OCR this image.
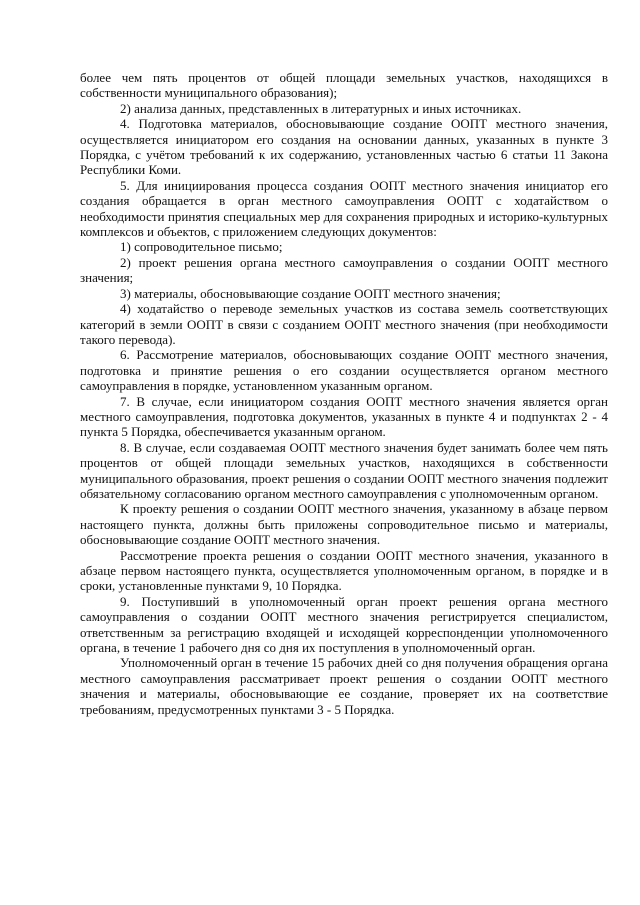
более чем пять процентов от общей площади земельных участков, находящихся в собственности муниципального образования);

2) анализа данных, представленных в литературных и иных источниках.

4. Подготовка материалов, обосновывающие создание ООПТ местного значения, осуществляется инициатором его создания на основании данных, указанных в пункте 3 Порядка, с учётом требований к их содержанию, установленных частью 6 статьи 11 Закона Республики Коми.

5. Для инициирования процесса создания ООПТ местного значения инициатор его создания обращается в орган местного самоуправления ООПТ с ходатайством о необходимости принятия специальных мер для сохранения природных и историко-культурных комплексов и объектов, с приложением следующих документов:

1) сопроводительное письмо;

2) проект решения органа местного самоуправления о создании ООПТ местного значения;

3) материалы, обосновывающие создание ООПТ местного значения;

4) ходатайство о переводе земельных участков из состава земель соответствующих категорий в земли ООПТ в связи с созданием ООПТ местного значения (при необходимости такого перевода).

6. Рассмотрение материалов, обосновывающих создание ООПТ местного значения, подготовка и принятие решения о его создании осуществляется органом местного самоуправления в порядке, установленном указанным органом.

7. В случае, если инициатором создания ООПТ местного значения является орган местного самоуправления, подготовка документов, указанных в пункте 4 и подпунктах 2 - 4 пункта 5 Порядка, обеспечивается указанным органом.

8. В случае, если создаваемая ООПТ местного значения будет занимать более чем пять процентов от общей площади земельных участков, находящихся в собственности муниципального образования, проект решения о создании ООПТ местного значения подлежит обязательному согласованию органом местного самоуправления с уполномоченным органом.

К проекту решения о создании ООПТ местного значения, указанному в абзаце первом настоящего пункта, должны быть приложены сопроводительное письмо и материалы, обосновывающие создание ООПТ местного значения.

Рассмотрение проекта решения о создании ООПТ местного значения, указанного в абзаце первом настоящего пункта, осуществляется уполномоченным органом, в порядке и в сроки, установленные пунктами 9, 10 Порядка.

9. Поступивший в уполномоченный орган проект решения органа местного самоуправления о создании ООПТ местного значения регистрируется специалистом, ответственным за регистрацию входящей и исходящей корреспонденции уполномоченного органа, в течение 1 рабочего дня со дня их поступления в уполномоченный орган.

Уполномоченный орган в течение 15 рабочих дней со дня получения обращения органа местного самоуправления рассматривает проект решения о создании ООПТ местного значения и материалы, обосновывающие ее создание, проверяет их на соответствие требованиям, предусмотренных пунктами 3 - 5 Порядка.
